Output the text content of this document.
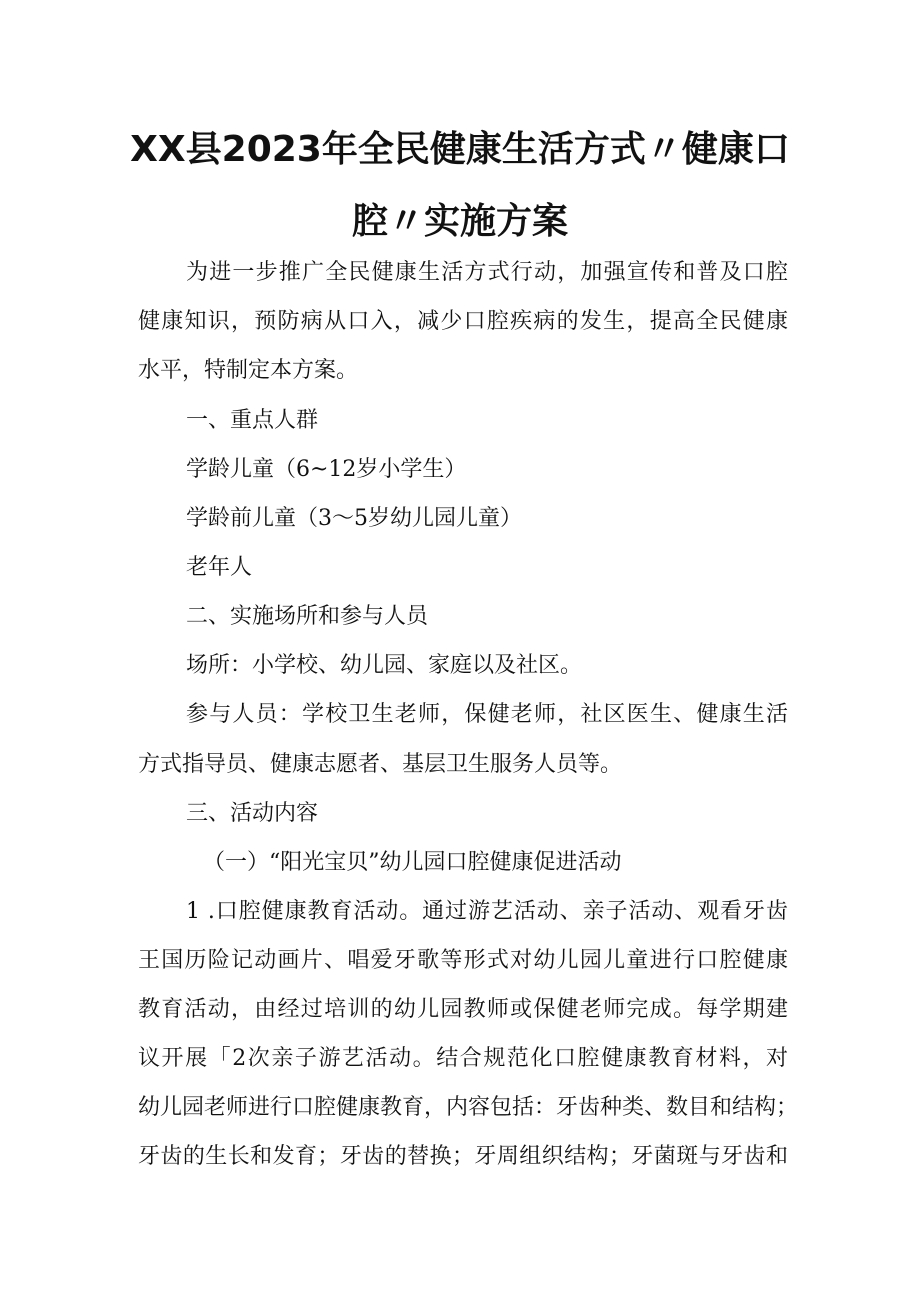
XX县2023年全民健康生活方式〃健康口
腔〃实施方案

为进一步推广全民健康生活方式行动，加强宣传和普及口腔

健康知识，预防病从口入，减少口腔疾病的发生，提高全民健康

水平，特制定本方案。

一、重点人群

学龄儿童（6~12岁小学生）

学龄前儿童（3～5岁幼儿园儿童）

老年人

二、实施场所和参与人员

场所：小学校、幼儿园、家庭以及社区。

参与人员：学校卫生老师，保健老师，社区医生、健康生活

方式指导员、健康志愿者、基层卫生服务人员等。

三、活动内容

（一）“阳光宝贝”幼儿园口腔健康促进活动

1 .口腔健康教育活动。通过游艺活动、亲子活动、观看牙齿

王国历险记动画片、唱爱牙歌等形式对幼儿园儿童进行口腔健康

教育活动，由经过培训的幼儿园教师或保健老师完成。每学期建

议开展「2次亲子游艺活动。结合规范化口腔健康教育材料，对

幼儿园老师进行口腔健康教育，内容包括：牙齿种类、数目和结构；

牙齿的生长和发育；牙齿的替换；牙周组织结构；牙菌斑与牙齿和
